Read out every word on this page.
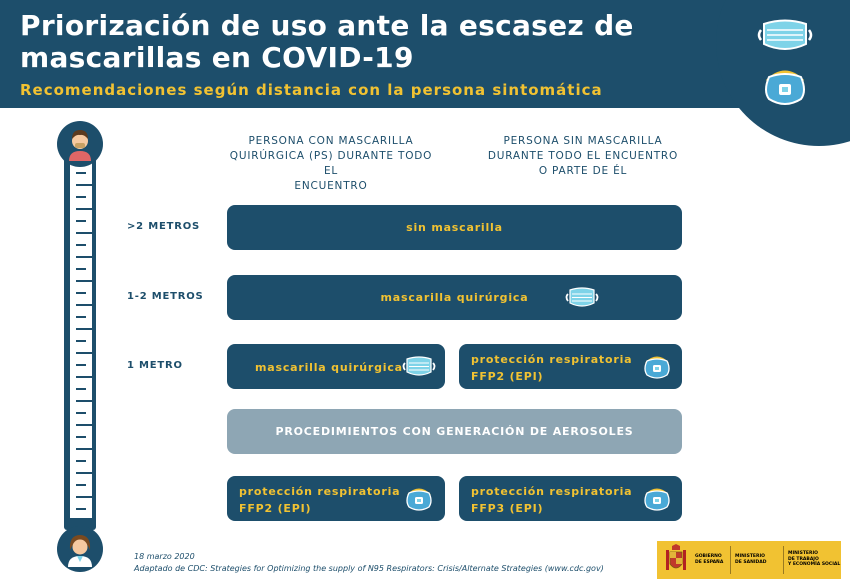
Priorización de uso ante la escasez de
mascarillas en COVID-19
Recomendaciones según distancia con la persona sintomática
PERSONA CON MASCARILLA
QUIRÚRGICA (PS) DURANTE TODO EL
ENCUENTRO
PERSONA SIN MASCARILLA
DURANTE TODO EL ENCUENTRO
O PARTE DE ÉL
>2 METROS
1-2 METROS
1 METRO
sin mascarilla
mascarilla quirúrgica
mascarilla quirúrgica
protección respiratoria
FFP2 (EPI)
PROCEDIMIENTOS CON GENERACIÓN DE AEROSOLES
protección respiratoria
FFP2 (EPI)
protección respiratoria
FFP3 (EPI)
18 marzo 2020
Adaptado de CDC: Strategies for Optimizing the supply of N95 Respirators: Crisis/Alternate Strategies (www.cdc.gov)
GOBIERNO
DE ESPAÑA
MINISTERIO
DE SANIDAD
MINISTERIO
DE TRABAJO
Y ECONOMÍA SOCIAL
